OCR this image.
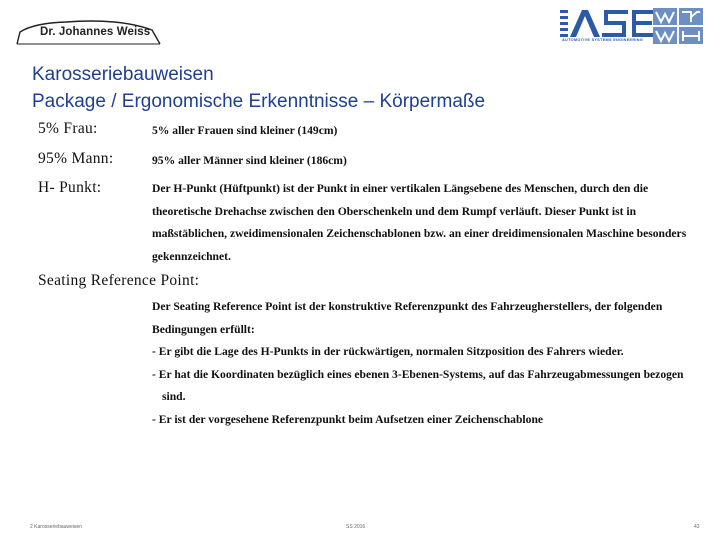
Dr. Johannes Weiss
AUTOMOTIVE SYSTEMS ENGINEERING
Karosseriebauweisen
Package / Ergonomische Erkenntnisse – Körpermaße
5% Frau:	5% aller Frauen sind kleiner (149cm)
95% Mann:	95% aller Männer sind kleiner (186cm)
H- Punkt:	Der H-Punkt (Hüftpunkt) ist der Punkt in einer vertikalen Längsebene des Menschen, durch den die theoretische Drehachse zwischen den Oberschenkeln und dem Rumpf verläuft. Dieser Punkt ist in maßstäblichen, zweidimensionalen Zeichenschablonen bzw. an einer dreidimensionalen Maschine besonders gekennzeichnet.
Seating Reference Point:

Der Seating Reference Point ist der konstruktive Referenzpunkt des Fahrzeugherstellers, der folgenden Bedingungen erfüllt:

- Er gibt die Lage des H-Punkts in der rückwärtigen, normalen Sitzposition des Fahrers wieder.

- Er hat die Koordinaten bezüglich eines ebenen 3-Ebenen-Systems, auf das Fahrzeugabmessungen bezogen sind.

- Er ist der vorgesehene Referenzpunkt beim Aufsetzen einer Zeichenschablone

2 Karosseriebauweisen	SS 2016	43
